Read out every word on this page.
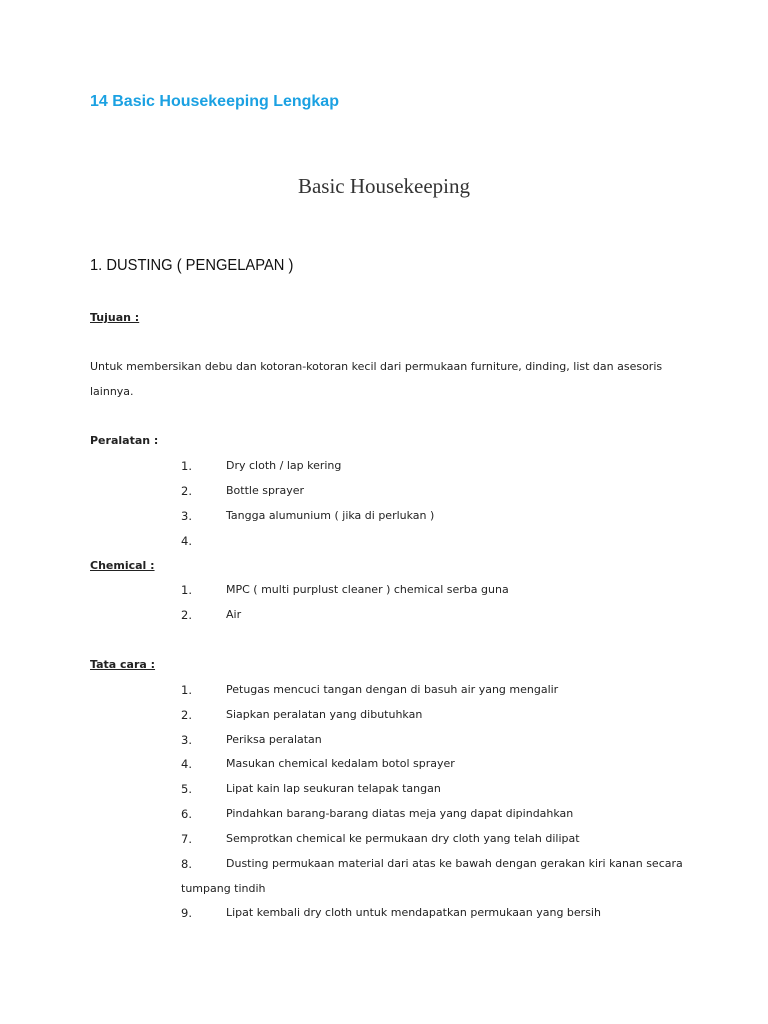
14 Basic Housekeeping Lengkap
Basic Housekeeping
1. DUSTING ( PENGELAPAN )
Tujuan :
Untuk membersikan debu dan kotoran-kotoran kecil dari permukaan furniture, dinding, list dan asesoris
lainnya.
Peralatan :
1.	Dry cloth / lap kering
2.	Bottle sprayer
3.	Tangga alumunium ( jika di perlukan )
4.
Chemical :
1.	MPC ( multi purplust cleaner ) chemical serba guna
2.	Air
Tata cara :
1.	Petugas mencuci tangan dengan di basuh air yang mengalir
2.	Siapkan peralatan yang dibutuhkan
3.	Periksa peralatan
4.	Masukan chemical kedalam botol sprayer
5.	Lipat kain lap seukuran telapak tangan
6.	Pindahkan barang-barang diatas meja yang dapat dipindahkan
7.	Semprotkan chemical ke permukaan dry cloth yang telah dilipat
8.	Dusting permukaan material dari atas ke bawah dengan gerakan kiri kanan secara
tumpang tindih
9.	Lipat kembali dry cloth untuk mendapatkan permukaan yang bersih
